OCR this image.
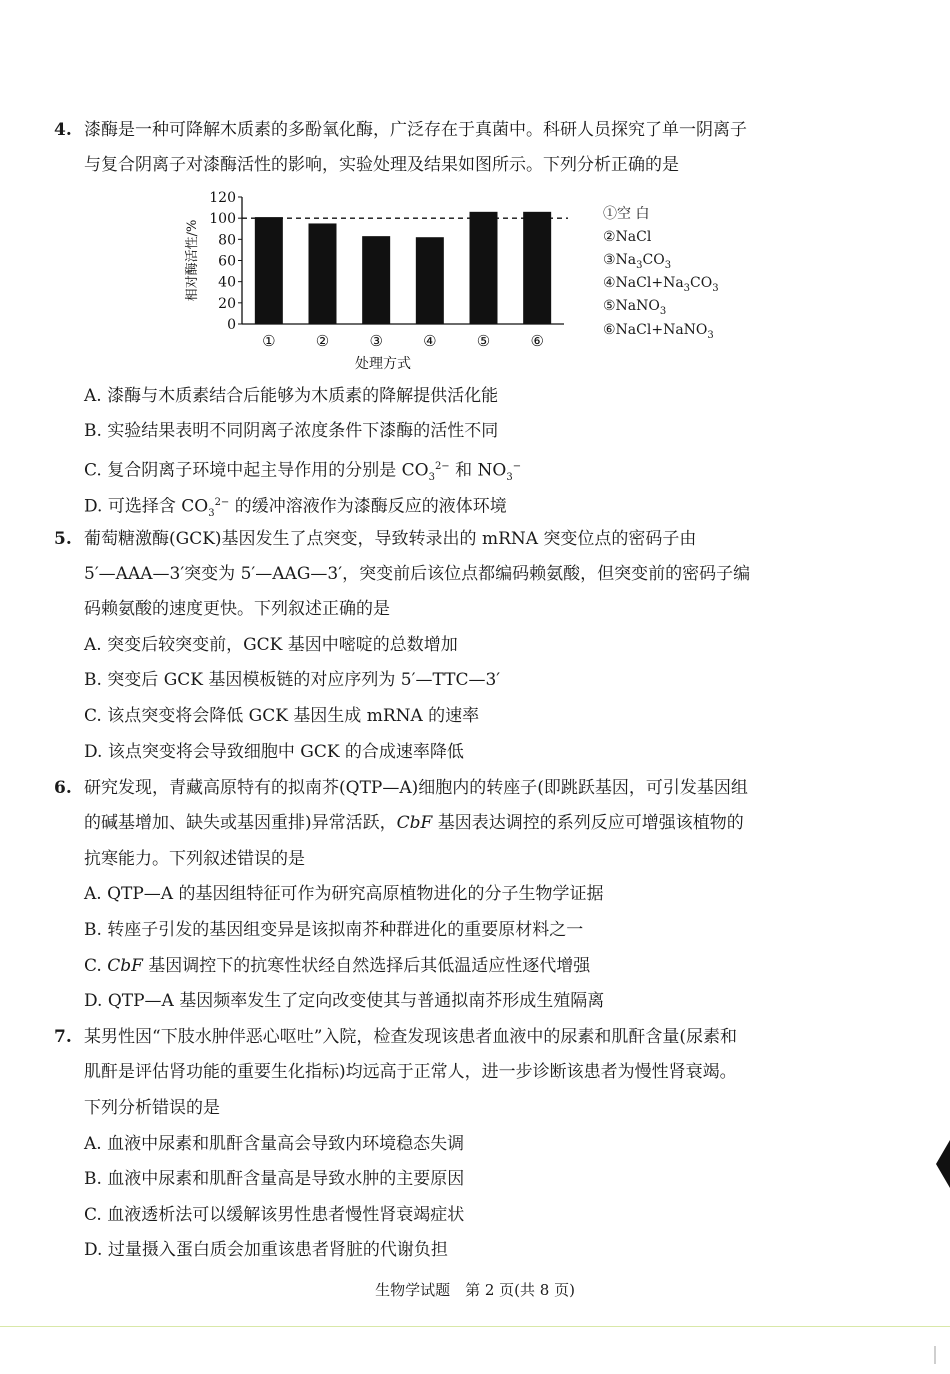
4. 漆酶是一种可降解木质素的多酚氧化酶，广泛存在于真菌中。科研人员探究了单一阴离子
与复合阴离子对漆酶活性的影响，实验处理及结果如图所示。下列分析正确的是
0
20
40
60
80
100
120
①	②	③	④	⑤	⑥
相对酶活性/%
处理方式
①空 白
②NaCl
$③Na_3CO_3$
$④NaCl+Na_3CO_3$
⑤NaNO$_3$
⑥NaCl+NaNO$_3$
A. 漆酶与木质素结合后能够为木质素的降解提供活化能
B. 实验结果表明不同阴离子浓度条件下漆酶的活性不同
C. 复合阴离子环境中起主导作用的分别是 $CO_3^{2-}$ 和 $NO_3^-$
D. 可选择含 $CO_3^{2-}$ 的缓冲溶液作为漆酶反应的液体环境
5. 葡萄糖激酶(GCK)基因发生了点突变，导致转录出的 mRNA 突变位点的密码子由
5′—AAA—3′突变为 5′—AAG—3′，突变前后该位点都编码赖氨酸，但突变前的密码子编
码赖氨酸的速度更快。下列叙述正确的是
A. 突变后较突变前，GCK 基因中嘧啶的总数增加
B. 突变后 GCK 基因模板链的对应序列为 5′—TTC—3′
C. 该点突变将会降低 GCK 基因生成 mRNA 的速率
D. 该点突变将会导致细胞中 GCK 的合成速率降低
6. 研究发现，青藏高原特有的拟南芥(QTP—A)细胞内的转座子(即跳跃基因，可引发基因组
的碱基增加、缺失或基因重排)异常活跃，CbF 基因表达调控的系列反应可增强该植物的
抗寒能力。下列叙述错误的是
A. QTP—A 的基因组特征可作为研究高原植物进化的分子生物学证据
B. 转座子引发的基因组变异是该拟南芥种群进化的重要原材料之一
C. CbF 基因调控下的抗寒性状经自然选择后其低温适应性逐代增强
D. QTP—A 基因频率发生了定向改变使其与普通拟南芥形成生殖隔离
7. 某男性因“下肢水肿伴恶心呕吐”入院，检查发现该患者血液中的尿素和肌酐含量(尿素和
肌酐是评估肾功能的重要生化指标)均远高于正常人，进一步诊断该患者为慢性肾衰竭。
下列分析错误的是
A. 血液中尿素和肌酐含量高会导致内环境稳态失调
B. 血液中尿素和肌酐含量高是导致水肿的主要原因
C. 血液透析法可以缓解该男性患者慢性肾衰竭症状
D. 过量摄入蛋白质会加重该患者肾脏的代谢负担
生物学试题　第 2 页(共 8 页)
